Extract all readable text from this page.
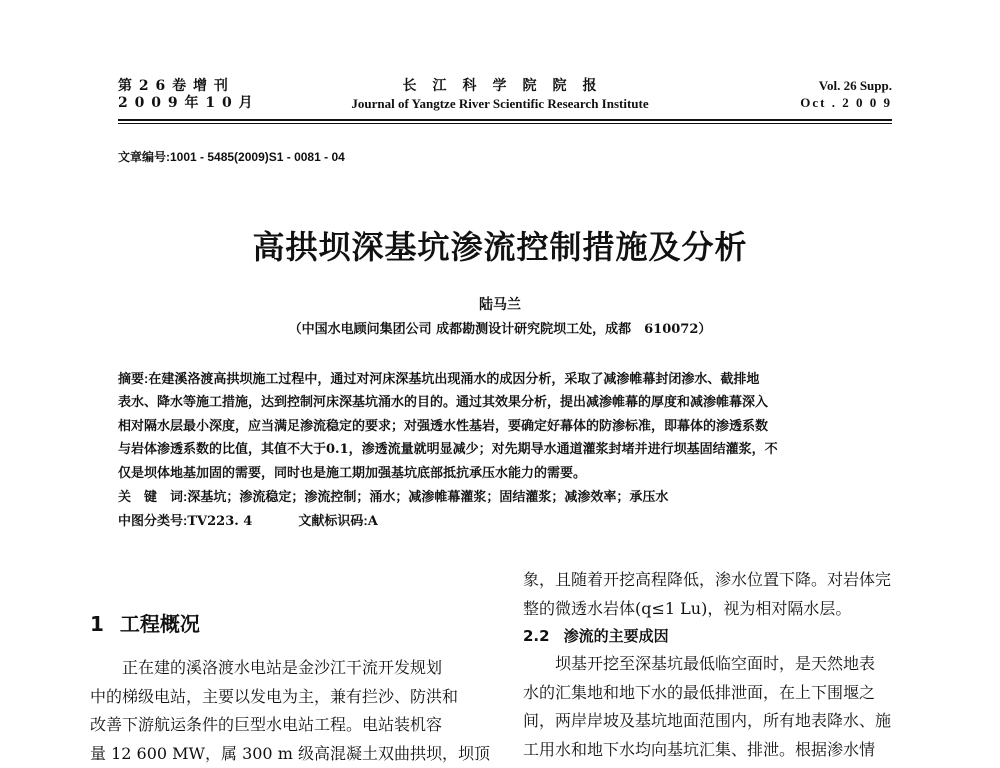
第 2 6 卷 增 刊
2 0 0 9 年 1 0 月
长　江　科　学　院　院　报
Journal of Yangtze River Scientific Research Institute
Vol. 26 Supp.
Oct . 2 0 0 9
文章编号:1001 - 5485(2009)S1 - 0081 - 04
高拱坝深基坑渗流控制措施及分析
陆马兰
（中国水电顾问集团公司 成都勘测设计研究院坝工处，成都　610072）
摘要:在建溪洛渡高拱坝施工过程中，通过对河床深基坑出现涌水的成因分析，采取了减渗帷幕封闭渗水、截排地
表水、降水等施工措施，达到控制河床深基坑涌水的目的。通过其效果分析，提出减渗帷幕的厚度和减渗帷幕深入
相对隔水层最小深度，应当满足渗流稳定的要求；对强透水性基岩，要确定好幕体的防渗标准，即幕体的渗透系数
与岩体渗透系数的比值，其值不大于0.1，渗透流量就明显减少；对先期导水通道灌浆封堵并进行坝基固结灌浆，不
仅是坝体地基加固的需要，同时也是施工期加强基坑底部抵抗承压水能力的需要。
关　键　词:深基坑；渗流稳定；渗流控制；涌水；减渗帷幕灌浆；固结灌浆；减渗效率；承压水
中图分类号:TV223. 4	文献标识码:A
1 工程概况
正在建的溪洛渡水电站是金沙江干流开发规划
中的梯级电站，主要以发电为主，兼有拦沙、防洪和
改善下游航运条件的巨型水电站工程。电站装机容
量 12 600 MW，属 300 m 级高混凝土双曲拱坝，坝顶
象，且随着开挖高程降低，渗水位置下降。对岩体完
整的微透水岩体(q≤1 Lu)，视为相对隔水层。
2.2 渗流的主要成因
坝基开挖至深基坑最低临空面时，是天然地表
水的汇集地和地下水的最低排泄面，在上下围堰之
间，两岸岸坡及基坑地面范围内，所有地表降水、施
工用水和地下水均向基坑汇集、排泄。根据渗水情
